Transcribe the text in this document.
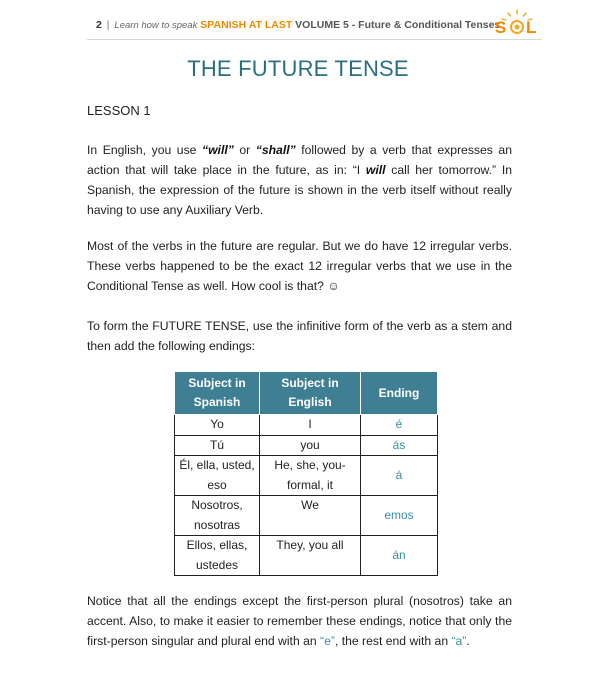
2 | Learn how to speak SPANISH AT LAST VOLUME 5 - Future & Conditional Tenses
S L
THE FUTURE TENSE
LESSON 1
In English, you use “will” or “shall” followed by a verb that expresses an action that will take place in the future, as in: “I will call her tomorrow.” In Spanish, the expression of the future is shown in the verb itself without really having to use any Auxiliary Verb.
Most of the verbs in the future are regular. But we do have 12 irregular verbs. These verbs happened to be the exact 12 irregular verbs that we use in the Conditional Tense as well. How cool is that? ☺
To form the FUTURE TENSE, use the infinitive form of the verb as a stem and then add the following endings:
Subject in Spanish	Subject in English	Ending
Yo	I	é
Tú	you	ás
Él, ella, usted, eso	He, she, you-formal, it	á
Nosotros, nosotras	We	emos
Ellos, ellas, ustedes	They, you all	án
Notice that all the endings except the first-person plural (nosotros) take an accent. Also, to make it easier to remember these endings, notice that only the first-person singular and plural end with an “e”, the rest end with an “a”.
